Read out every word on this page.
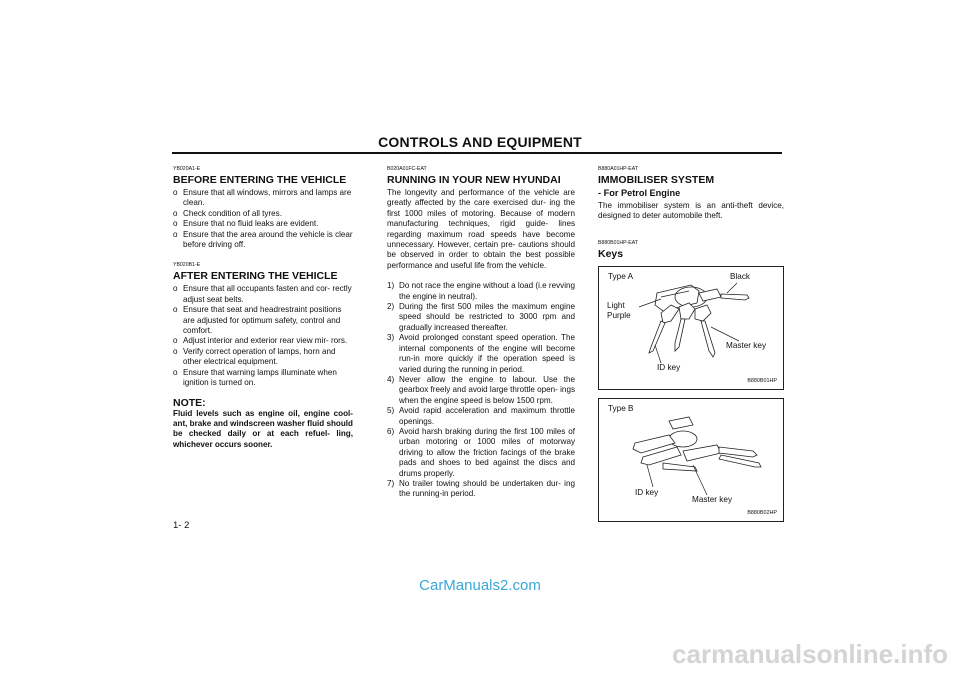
CONTROLS AND EQUIPMENT
YB020A1-E
BEFORE ENTERING THE VEHICLE
o Ensure that all windows, mirrors and lamps are clean.
o Check condition of all tyres.
o Ensure that no fluid leaks are evident.
o Ensure that the area around the vehicle is clear before driving off.
YB020B1-E
AFTER ENTERING THE VEHICLE
o Ensure that all occupants fasten and cor- rectly adjust seat belts.
o Ensure that seat and headrestraint positions are adjusted for optimum safety, control and comfort.
o Adjust interior and exterior rear view mir- rors.
o Verify correct operation of lamps, horn and other electrical equipment.
o Ensure that warning lamps illuminate when ignition is turned on.
NOTE:
Fluid levels such as engine oil, engine cool- ant, brake and windscreen washer fluid should be checked daily or at each refuel- ling, whichever occurs sooner.
B020A01FC-EAT
RUNNING IN YOUR NEW HYUNDAI
The longevity and performance of the vehicle are greatly affected by the care exercised dur- ing the first 1000 miles of motoring. Because of modern manufacturing techniques, rigid guide- lines regarding maximum road speeds have become unnecessary. However, certain pre- cautions should be observed in order to obtain the best possible performance and useful life from the vehicle.
1) Do not race the engine without a load (i.e revving the engine in neutral).
2) During the first 500 miles the maximum engine speed should be restricted to 3000 rpm and gradually increased thereafter.
3) Avoid prolonged constant speed operation. The internal components of the engine will become run-in more quickly if the operation speed is varied during the running in period.
4) Never allow the engine to labour. Use the gearbox freely and avoid large throttle open- ings when the engine speed is below 1500 rpm.
5) Avoid rapid acceleration and maximum throttle openings.
6) Avoid harsh braking during the first 100 miles of urban motoring or 1000 miles of motorway driving to allow the friction facings of the brake pads and shoes to bed against the discs and drums properly.
7) No trailer towing should be undertaken dur- ing the running-in period.
B880A01HP-EAT
IMMOBILISER SYSTEM
- For Petrol Engine
The immobiliser system is an anti-theft device, designed to deter automobile theft.
B880B01HP-EAT
Keys
Type A	Black
Light
Purple
Master key
ID key
B880B01HP
Type B
ID key
Master key
B880B02HP
1- 2
CarManuals2.com
carmanualsonline.info
